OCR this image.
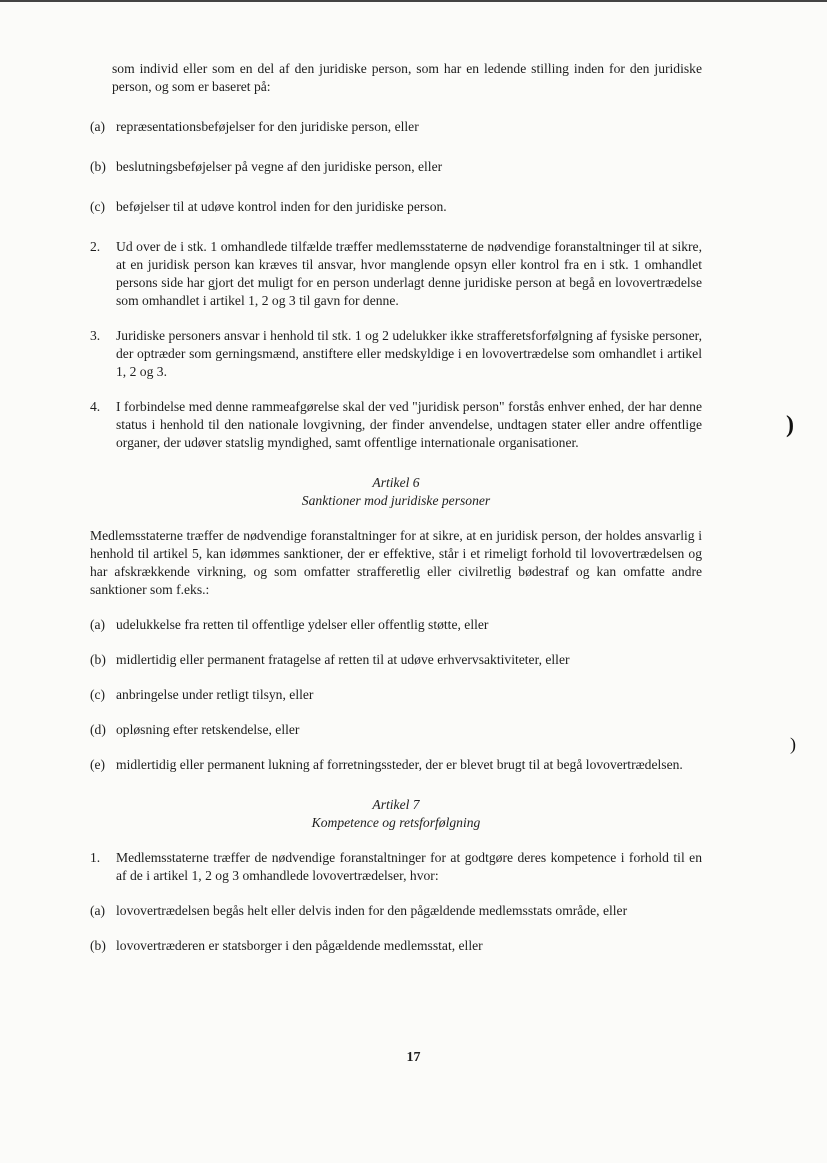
som individ eller som en del af den juridiske person, som har en ledende stilling inden for den juridiske person, og som er baseret på:

(a) repræsentationsbeføjelser for den juridiske person, eller
(b) beslutningsbeføjelser på vegne af den juridiske person, eller
(c) beføjelser til at udøve kontrol inden for den juridiske person.
2.	Ud over de i stk. 1 omhandlede tilfælde træffer medlemsstaterne de nødvendige foranstaltninger til at sikre, at en juridisk person kan kræves til ansvar, hvor manglende opsyn eller kontrol fra en i stk. 1 omhandlet persons side har gjort det muligt for en person underlagt denne juridiske person at begå en lovovertrædelse som omhandlet i artikel 1, 2 og 3 til gavn for denne.
3.	Juridiske personers ansvar i henhold til stk. 1 og 2 udelukker ikke strafferetsforfølgning af fysiske personer, der optræder som gerningsmænd, anstiftere eller medskyldige i en lovovertrædelse som omhandlet i artikel 1, 2 og 3.
4.	I forbindelse med denne rammeafgørelse skal der ved "juridisk person" forstås enhver enhed, der har denne status i henhold til den nationale lovgivning, der finder anvendelse, undtagen stater eller andre offentlige organer, der udøver statslig myndighed, samt offentlige internationale organisationer.

Artikel 6

Sanktioner mod juridiske personer

Medlemsstaterne træffer de nødvendige foranstaltninger for at sikre, at en juridisk person, der holdes ansvarlig i henhold til artikel 5, kan idømmes sanktioner, der er effektive, står i et rimeligt forhold til lovovertrædelsen og har afskrækkende virkning, og som omfatter strafferetlig eller civilretlig bødestraf og kan omfatte andre sanktioner som f.eks.:

(a) udelukkelse fra retten til offentlige ydelser eller offentlig støtte, eller
(b) midlertidig eller permanent fratagelse af retten til at udøve erhvervsaktiviteter, eller
(c) anbringelse under retligt tilsyn, eller
(d) opløsning efter retskendelse, eller
(e) midlertidig eller permanent lukning af forretningssteder, der er blevet brugt til at begå lovovertrædelsen.

Artikel 7

Kompetence og retsforfølgning

1.	Medlemsstaterne træffer de nødvendige foranstaltninger for at godtgøre deres kompetence i forhold til en af de i artikel 1, 2 og 3 omhandlede lovovertrædelser, hvor:
(a) lovovertrædelsen begås helt eller delvis inden for den pågældende medlemsstats område, eller
(b) lovovertræderen er statsborger i den pågældende medlemsstat, eller
17
)
)
